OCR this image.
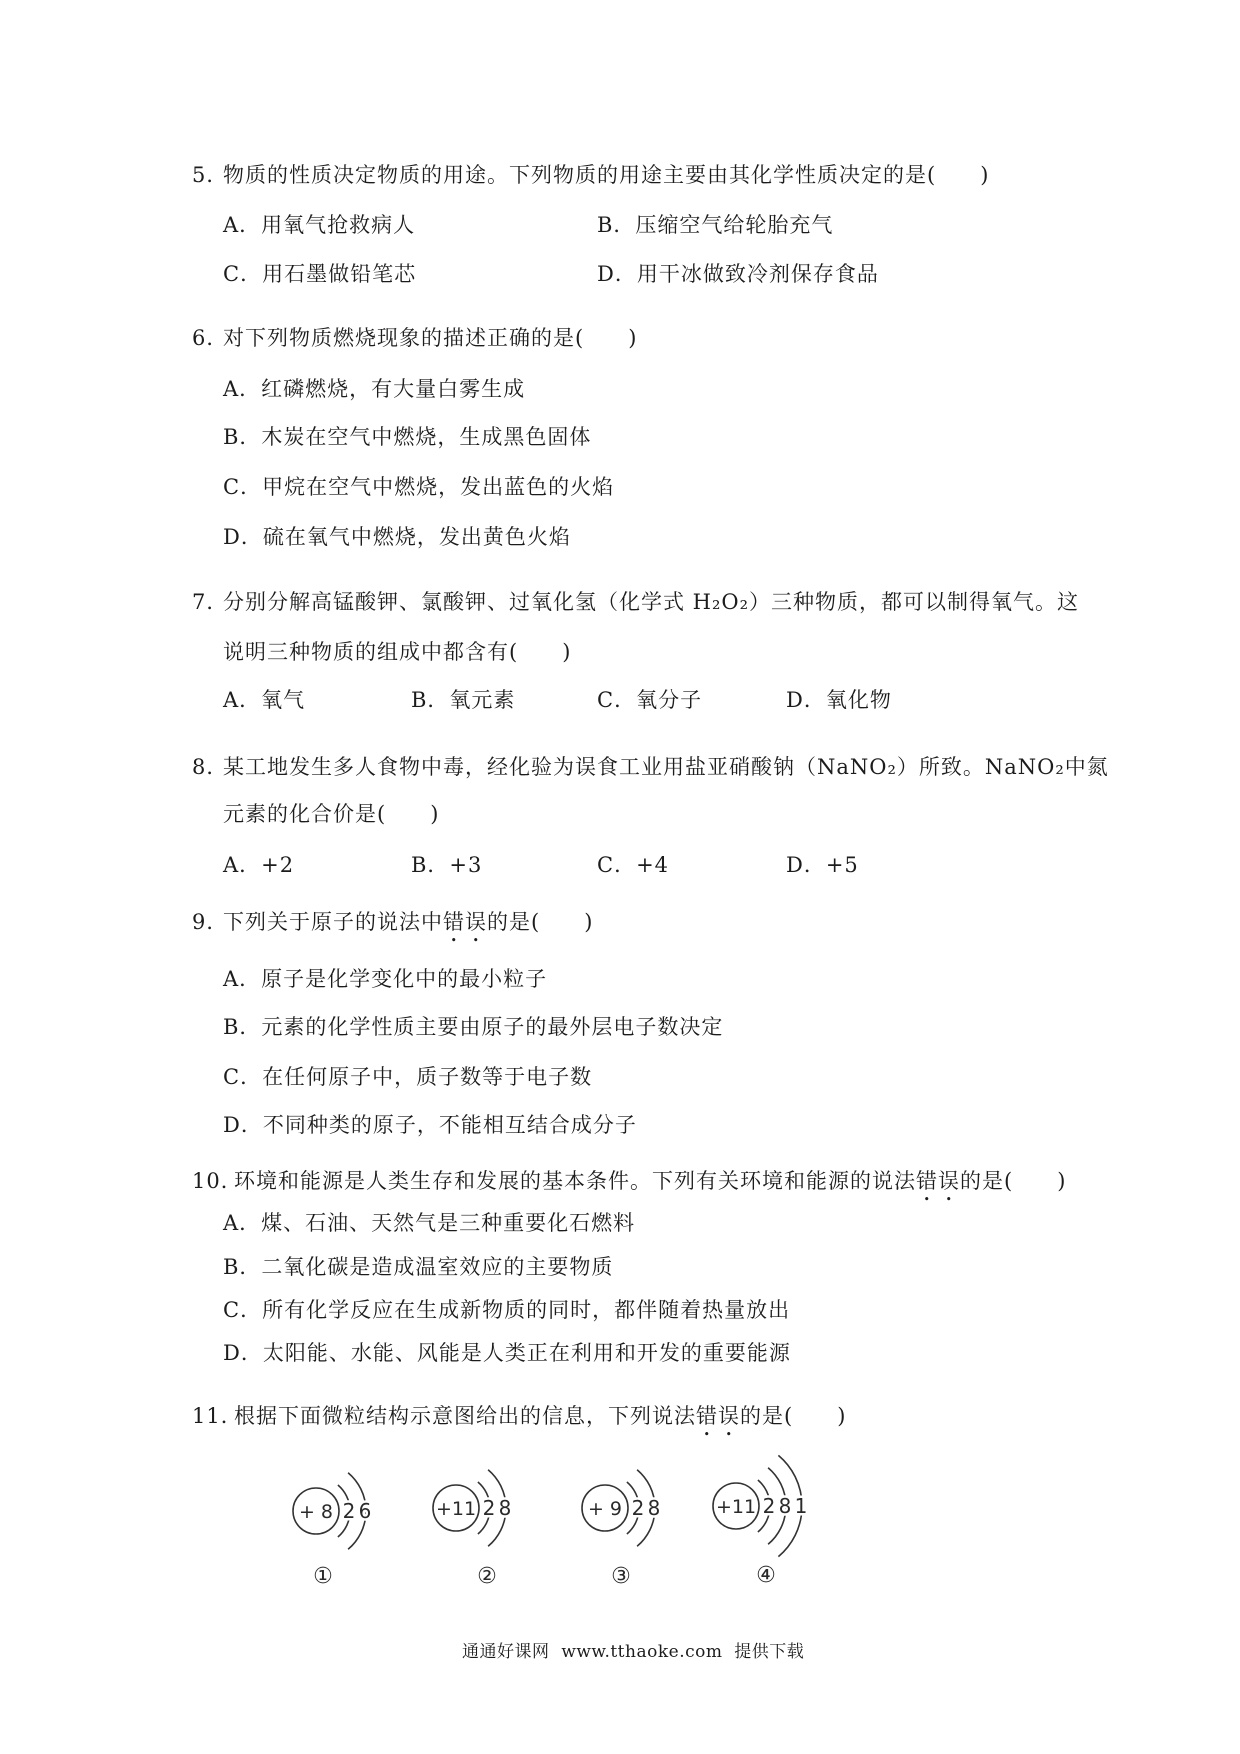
5．物质的性质决定物质的用途。下列物质的用途主要由其化学性质决定的是(　　)
A．用氧气抢救病人	B．压缩空气给轮胎充气
C．用石墨做铅笔芯	D．用干冰做致冷剂保存食品
6．对下列物质燃烧现象的描述正确的是(　　)
A．红磷燃烧，有大量白雾生成
B．木炭在空气中燃烧，生成黑色固体
C．甲烷在空气中燃烧，发出蓝色的火焰
D．硫在氧气中燃烧，发出黄色火焰
7．分别分解高锰酸钾、氯酸钾、过氧化氢（化学式 H₂O₂）三种物质，都可以制得氧气。这
说明三种物质的组成中都含有(　　)
A．氧气	B．氧元素	C．氧分子	D．氧化物
8．某工地发生多人食物中毒，经化验为误食工业用盐亚硝酸钠（NaNO₂）所致。NaNO₂中氮
元素的化合价是(　　)
A．+2	B．+3	C．+4	D．+5
9．下列关于原子的说法中错误的是(　　)
A．原子是化学变化中的最小粒子
B．元素的化学性质主要由原子的最外层电子数决定
C．在任何原子中，质子数等于电子数
D．不同种类的原子，不能相互结合成分子
10．环境和能源是人类生存和发展的基本条件。下列有关环境和能源的说法错误的是(　　)
A．煤、石油、天然气是三种重要化石燃料
B．二氧化碳是造成温室效应的主要物质
C．所有化学反应在生成新物质的同时，都伴随着热量放出
D．太阳能、水能、风能是人类正在利用和开发的重要能源
11．根据下面微粒结构示意图给出的信息，下列说法错误的是(　　)
+ 8 2 6
①
+11 2 8
②
+ 9 2 8
③
+11 2 8 1
④
通通好课网 www.tthaoke.com 提供下载
